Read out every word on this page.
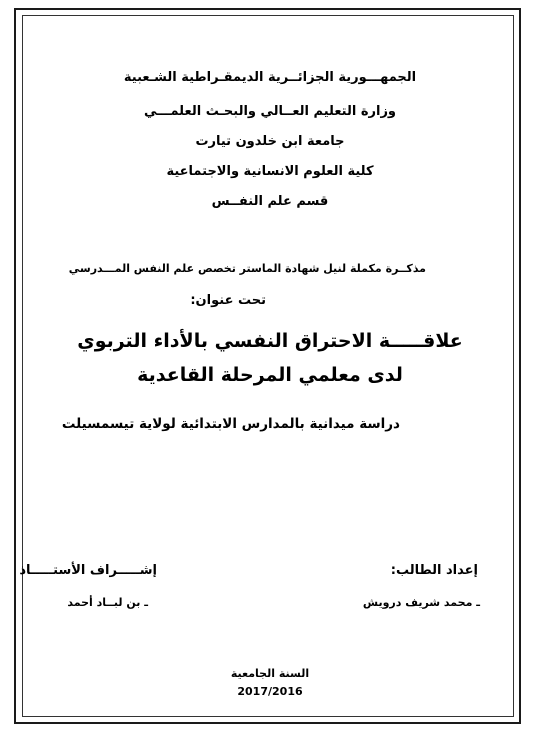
الجمهـــورية الجزائــرية الديمقـراطية الشـعبية
وزارة التعليم العــالي والبحـث العلمـــي
جامعة ابن خلدون تيارت
كلية العلوم الانسانية والاجتماعية
قسم علم النفــس
مذكــرة مكملة لنيل شهادة الماستر تخصص علم النفس المـــدرسي
تحت عنوان:
علاقـــــة الاحتراق النفسي بالأداء التربوي
لدى معلمي المرحلة القاعدية
دراسة ميدانية بالمدارس الابتدائية لولاية تيسمسيلت
إعداد الطالب:
إشـــــراف الأستـــــاذ
ـ محمد شريف درويش
ـ بن لبــاد أحمد
السنة الجامعية
2017/2016
